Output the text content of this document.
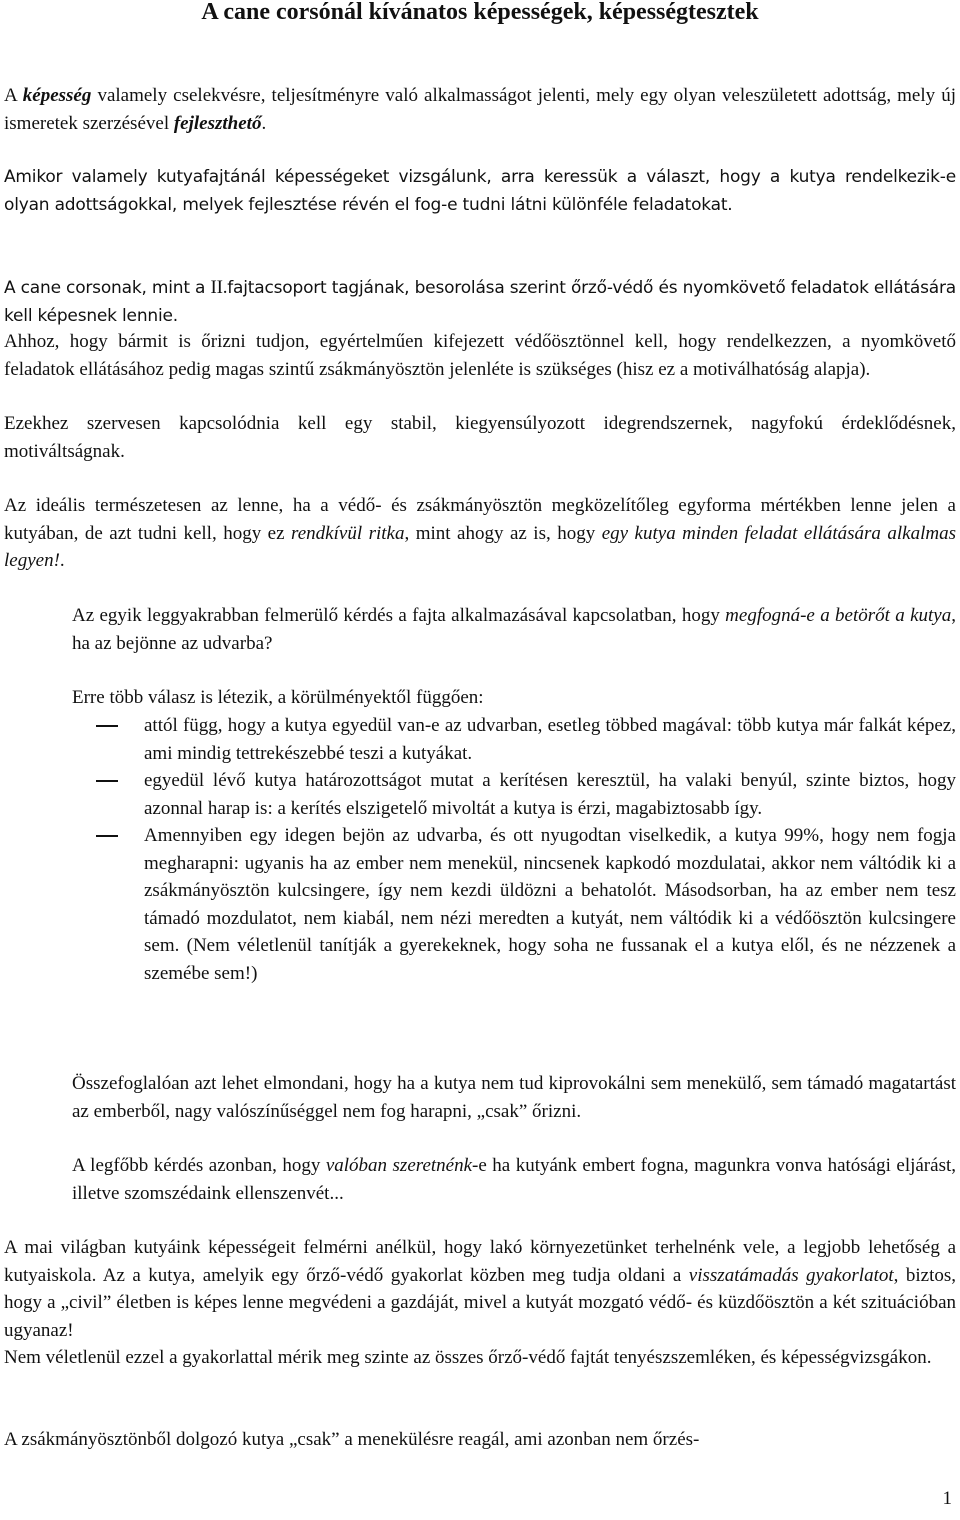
A cane corsónál kívánatos képességek, képességtesztek

A képesség valamely cselekvésre, teljesítményre való alkalmasságot jelenti, mely egy olyan veleszületett adottság, mely új ismeretek szerzésével fejleszthető.

Amikor valamely kutyafajtánál képességeket vizsgálunk, arra keressük a választ, hogy a kutya rendelkezik-e olyan adottságokkal, melyek fejlesztése révén el fog-e tudni látni különféle feladatokat.

A cane corsonak, mint a II.fajtacsoport tagjának, besorolása szerint őrző-védő és nyomkövető feladatok ellátására kell képesnek lennie.

Ahhoz, hogy bármit is őrizni tudjon, egyértelműen kifejezett védőösztönnel kell, hogy rendelkezzen, a nyomkövető feladatok ellátásához pedig magas szintű zsákmányösztön jelenléte is szükséges (hisz ez a motiválhatóság alapja).

Ezekhez szervesen kapcsolódnia kell egy stabil, kiegyensúlyozott idegrendszernek, nagyfokú érdeklődésnek, motiváltságnak.

Az ideális természetesen az lenne, ha a védő- és zsákmányösztön megközelítőleg egyforma mértékben lenne jelen a kutyában, de azt tudni kell, hogy ez rendkívül ritka, mint ahogy az is, hogy egy kutya minden feladat ellátására alkalmas legyen!.

Az egyik leggyakrabban felmerülő kérdés a fajta alkalmazásával kapcsolatban, hogy megfogná-e a betörőt a kutya, ha az bejönne az udvarba?

Erre több válasz is létezik, a körülményektől függően:

attól függ, hogy a kutya egyedül van-e az udvarban, esetleg többed magával: több kutya már falkát képez, ami mindig tettrekészebbé teszi a kutyákat.
egyedül lévő kutya határozottságot mutat a kerítésen keresztül, ha valaki benyúl, szinte biztos, hogy azonnal harap is: a kerítés elszigetelő mivoltát a kutya is érzi, magabiztosabb így.
Amennyiben egy idegen bejön az udvarba, és ott nyugodtan viselkedik, a kutya 99%, hogy nem fogja megharapni: ugyanis ha az ember nem menekül, nincsenek kapkodó mozdulatai, akkor nem váltódik ki a zsákmányösztön kulcsingere, így nem kezdi üldözni a behatolót. Másodsorban, ha az ember nem tesz támadó mozdulatot, nem kiabál, nem nézi meredten a kutyát, nem váltódik ki a védőösztön kulcsingere sem. (Nem véletlenül tanítják a gyerekeknek, hogy soha ne fussanak el a kutya elől, és ne nézzenek a szemébe sem!)

Összefoglalóan azt lehet elmondani, hogy ha a kutya nem tud kiprovokálni sem menekülő, sem támadó magatartást az emberből, nagy valószínűséggel nem fog harapni, „csak” őrizni.

A legfőbb kérdés azonban, hogy valóban szeretnénk-e ha kutyánk embert fogna, magunkra vonva hatósági eljárást, illetve szomszédaink ellenszenvét...

A mai világban kutyáink képességeit felmérni anélkül, hogy lakó környezetünket terhelnénk vele, a legjobb lehetőség a kutyaiskola. Az a kutya, amelyik egy őrző-védő gyakorlat közben meg tudja oldani a visszatámadás gyakorlatot, biztos, hogy a „civil” életben is képes lenne megvédeni a gazdáját, mivel a kutyát mozgató védő- és küzdőösztön a két szituációban ugyanaz!

Nem véletlenül ezzel a gyakorlattal mérik meg szinte az összes őrző-védő fajtát tenyészszemléken, és képességvizsgákon.

A zsákmányösztönből dolgozó kutya „csak” a menekülésre reagál, ami azonban nem őrzés-

1
